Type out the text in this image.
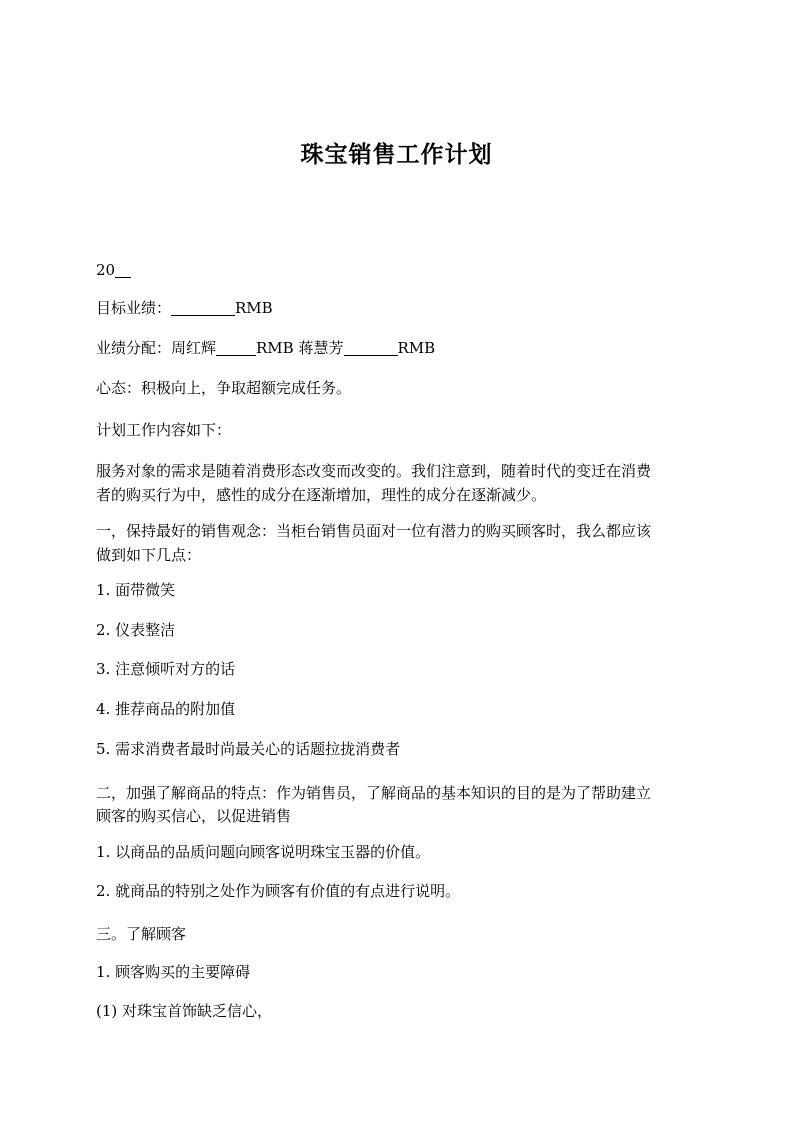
珠宝销售工作计划
20
目标业绩：	RMB
业绩分配：周红辉	RMB 蒋慧芳	RMB
心态：积极向上，争取超额完成任务。
计划工作内容如下：
服务对象的需求是随着消费形态改变而改变的。我们注意到，随着时代的变迁在消费
者的购买行为中，感性的成分在逐渐增加，理性的成分在逐渐减少。
一，保持最好的销售观念：当柜台销售员面对一位有潜力的购买顾客时，我么都应该
做到如下几点：
1. 面带微笑
2. 仪表整洁
3. 注意倾听对方的话
4. 推荐商品的附加值
5. 需求消费者最时尚最关心的话题拉拢消费者
二，加强了解商品的特点：作为销售员，了解商品的基本知识的目的是为了帮助建立
顾客的购买信心，以促进销售
1. 以商品的品质问题向顾客说明珠宝玉器的价值。
2. 就商品的特别之处作为顾客有价值的有点进行说明。
三。了解顾客
1. 顾客购买的主要障碍
(1) 对珠宝首饰缺乏信心，
